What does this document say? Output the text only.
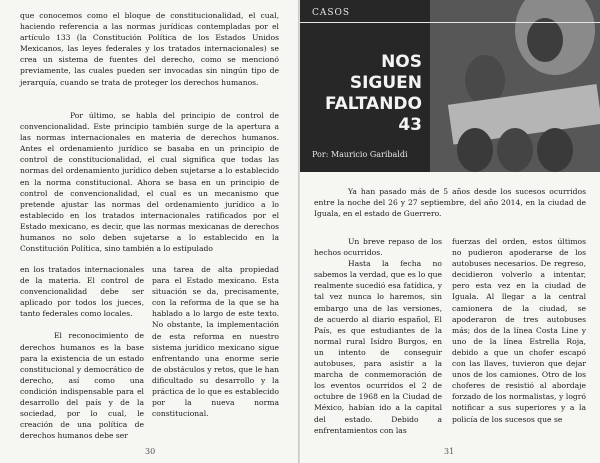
que conocemos como el bloque de constitucionalidad, el cual, haciendo referencia a las normas jurídicas contempladas por el artículo 133 (la Constitución Política de los Estados Unidos Mexicanos, las leyes federales y los tratados internacionales) se crea un sistema de fuentes del derecho, como se mencionó previamente, las cuales pueden ser invocadas sin ningún tipo de jerarquía, cuando se trata de proteger los derechos humanos.

Por último, se habla del principio de control de convencionalidad. Este principio también surge de la apertura a las normas internacionales en materia de derechos humanos. Antes el ordenamiento jurídico se basaba en un principio de control de constitucionalidad, el cual significa que todas las normas del ordenamiento jurídico deben sujetarse a lo establecido en la norma constitucional. Ahora se basa en un principio de control de convencionalidad, el cual es un mecanismo que pretende ajustar las normas del ordenamiento jurídico a lo establecido en los tratados internacionales ratificados por el Estado mexicano, es decir, que las normas mexicanas de derechos humanos no solo deben sujetarse a lo establecido en la Constitución Política, sino también a lo estipulado

en los tratados internacionales de la materia. El control de convencionalidad debe ser aplicado por todos los jueces, tanto federales como locales.

El reconocimiento de derechos humanos es la base para la existencia de un estado constitucional y democrático de derecho, así como una condición indispensable para el desarrollo del país y de la sociedad, por lo cual, le creación de una política de derechos humanos debe ser

una tarea de alta propiedad para el Estado mexicano. Esta situación se da, precisamente, con la reforma de la que se ha hablado a lo largo de este texto. No obstante, la implementación de esta reforma en nuestro sistema jurídico mexicano sigue enfrentando una enorme serie de obstáculos y retos, que le han dificultado su desarrollo y la práctica de lo que es establecido por la nueva norma constitucional.

30
CASOS
NOS SIGUEN
FALTANDO
43
Por: Mauricio Garibaldi

Ya han pasado más de 5 años desde los sucesos ocurridos entre la noche del 26 y 27 septiembre, del año 2014, en la ciudad de Iguala, en el estado de Guerrero.

Un breve repaso de los hechos ocurridos.

Hasta la fecha no sabemos la verdad, que es lo que realmente sucedió esa fatídica, y tal vez nunca lo haremos, sin embargo una de las versiones, de acuerdo al diario español, El País, es que estudiantes de la normal rural Isidro Burgos, en un intento de conseguir autobuses, para asistir a la marcha de conmemoración de los eventos ocurridos el 2 de octubre de 1968 en la Ciudad de México, habían ido a la capital del estado. Debido a enfrentamientos con las

fuerzas del orden, estos últimos no pudieron apoderarse de los autobuses necesarios. De regreso, decidieron volverlo a intentar, pero esta vez en la ciudad de Iguala. Al llegar a la central camionera de la ciudad, se apoderaron de tres autobuses más; dos de la línea Costa Line y uno de la línea Estrella Roja, debido a que un chofer escapó con las llaves, tuvieron que dejar unos de los camiones. Otro de los choferes de resistió al abordaje forzado de los normalistas, y logró notificar a sus superiores y a la policía de los sucesos que se

31
